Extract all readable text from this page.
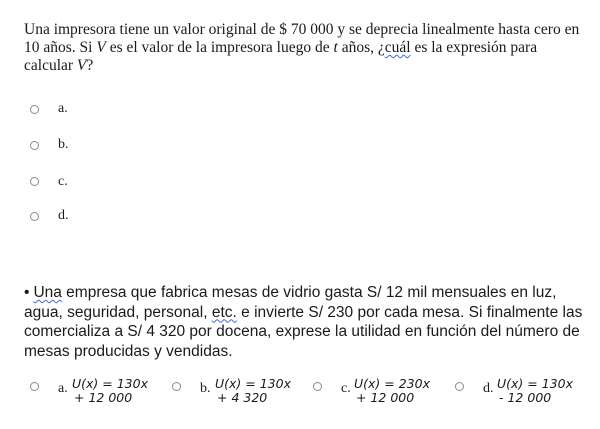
Una impresora tiene un valor original de $ 70 000 y se deprecia linealmente hasta cero en 10 años. Si V es el valor de la impresora luego de t años, ¿cuál es la expresión para calcular V?
a.
b.
c.
d.
• Una empresa que fabrica mesas de vidrio gasta S/ 12 mil mensuales en luz, agua, seguridad, personal, etc. e invierte S/ 230 por cada mesa. Si finalmente las comercializa a S/ 4 320 por docena, exprese la utilidad en función del número de mesas producidas y vendidas.
a. U(x) = 130x
+ 12 000
b. U(x) = 130x
+ 4 320
c. U(x) = 230x
+ 12 000
d. U(x) = 130x
- 12 000
